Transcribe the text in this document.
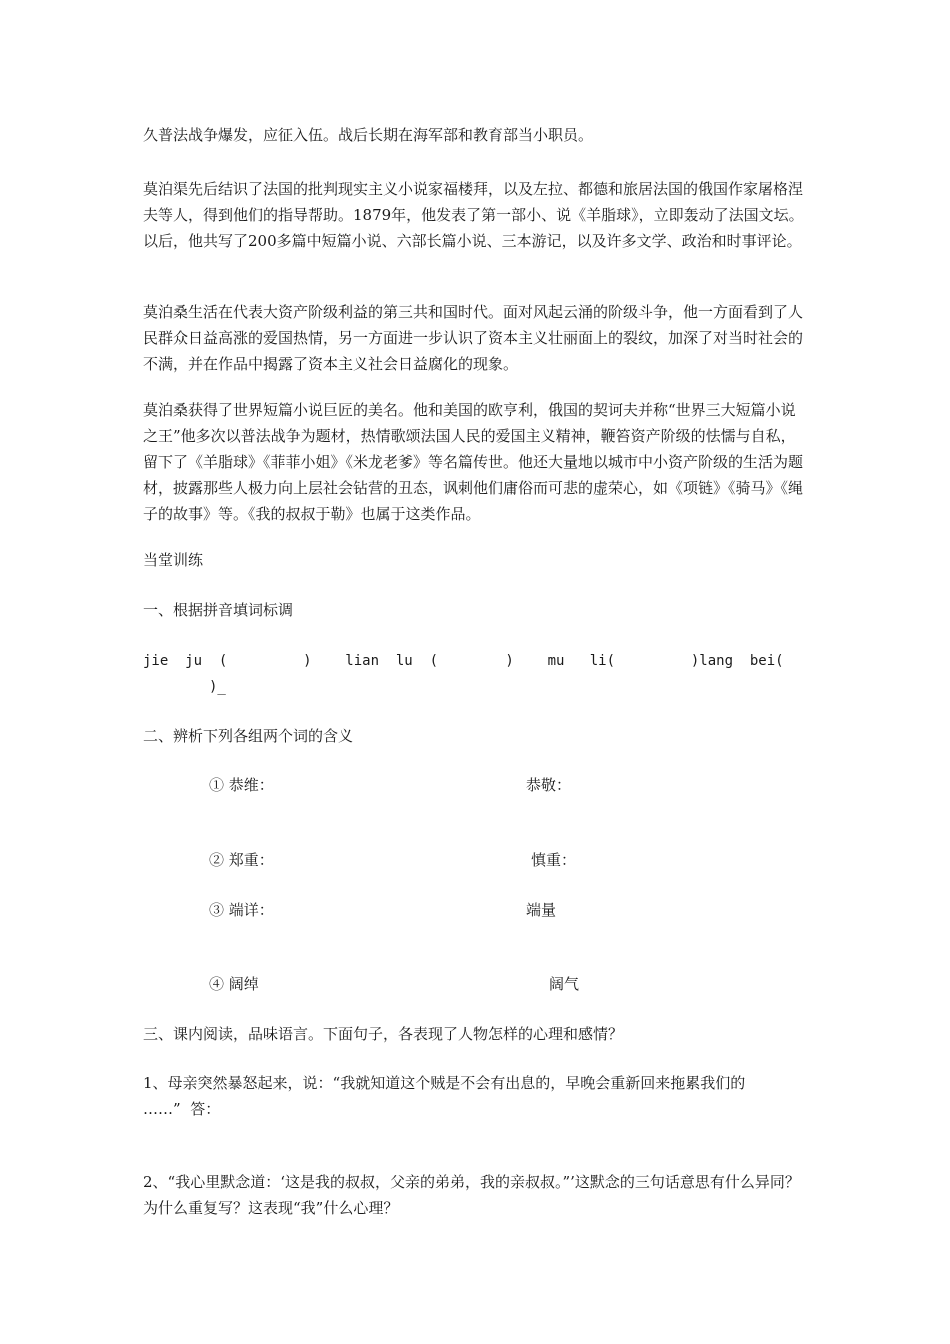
久普法战争爆发，应征入伍。战后长期在海军部和教育部当小职员。

莫泊渠先后结识了法国的批判现实主义小说家福楼拜，以及左拉、都德和旅居法国的俄国作家屠格涅夫等人，得到他们的指导帮助。1879年，他发表了第一部小、说《羊脂球》，立即轰动了法国文坛。以后，他共写了200多篇中短篇小说、六部长篇小说、三本游记，以及许多文学、政治和时事评论。

莫泊桑生活在代表大资产阶级利益的第三共和国时代。面对风起云涌的阶级斗争，他一方面看到了人民群众日益高涨的爱国热情，另一方面进一步认识了资本主义壮丽面上的裂纹，加深了对当时社会的不满，并在作品中揭露了资本主义社会日益腐化的现象。

莫泊桑获得了世界短篇小说巨匠的美名。他和美国的欧亨利，俄国的契诃夫并称“世界三大短篇小说之王”他多次以普法战争为题材，热情歌颂法国人民的爱国主义精神，鞭笞资产阶级的怯懦与自私，留下了《羊脂球》《菲菲小姐》《米龙老爹》等名篇传世。他还大量地以城市中小资产阶级的生活为题材，披露那些人极力向上层社会钻营的丑态，讽刺他们庸俗而可悲的虚荣心，如《项链》《骑马》《绳子的故事》等。《我的叔叔于勒》也属于这类作品。

当堂训练
一、根据拼音填词标调
jie  ju  (         )    lian  lu  (        )    mu   li(         )lang  bei(
)_
二、辨析下列各组两个词的含义
① 恭维：	恭敬：
② 郑重：	慎重：
③ 端详：	端量
④ 阔绰	阔气
三、课内阅读，品味语言。下面句子，各表现了人物怎样的心理和感情？
1、母亲突然暴怒起来，说：“我就知道这个贼是不会有出息的，早晚会重新回来拖累我们的
……”  答：

2、“我心里默念道：‘这是我的叔叔，父亲的弟弟，我的亲叔叔。”’这默念的三句话意思有什么异同？为什么重复写？这表现“我”什么心理？
